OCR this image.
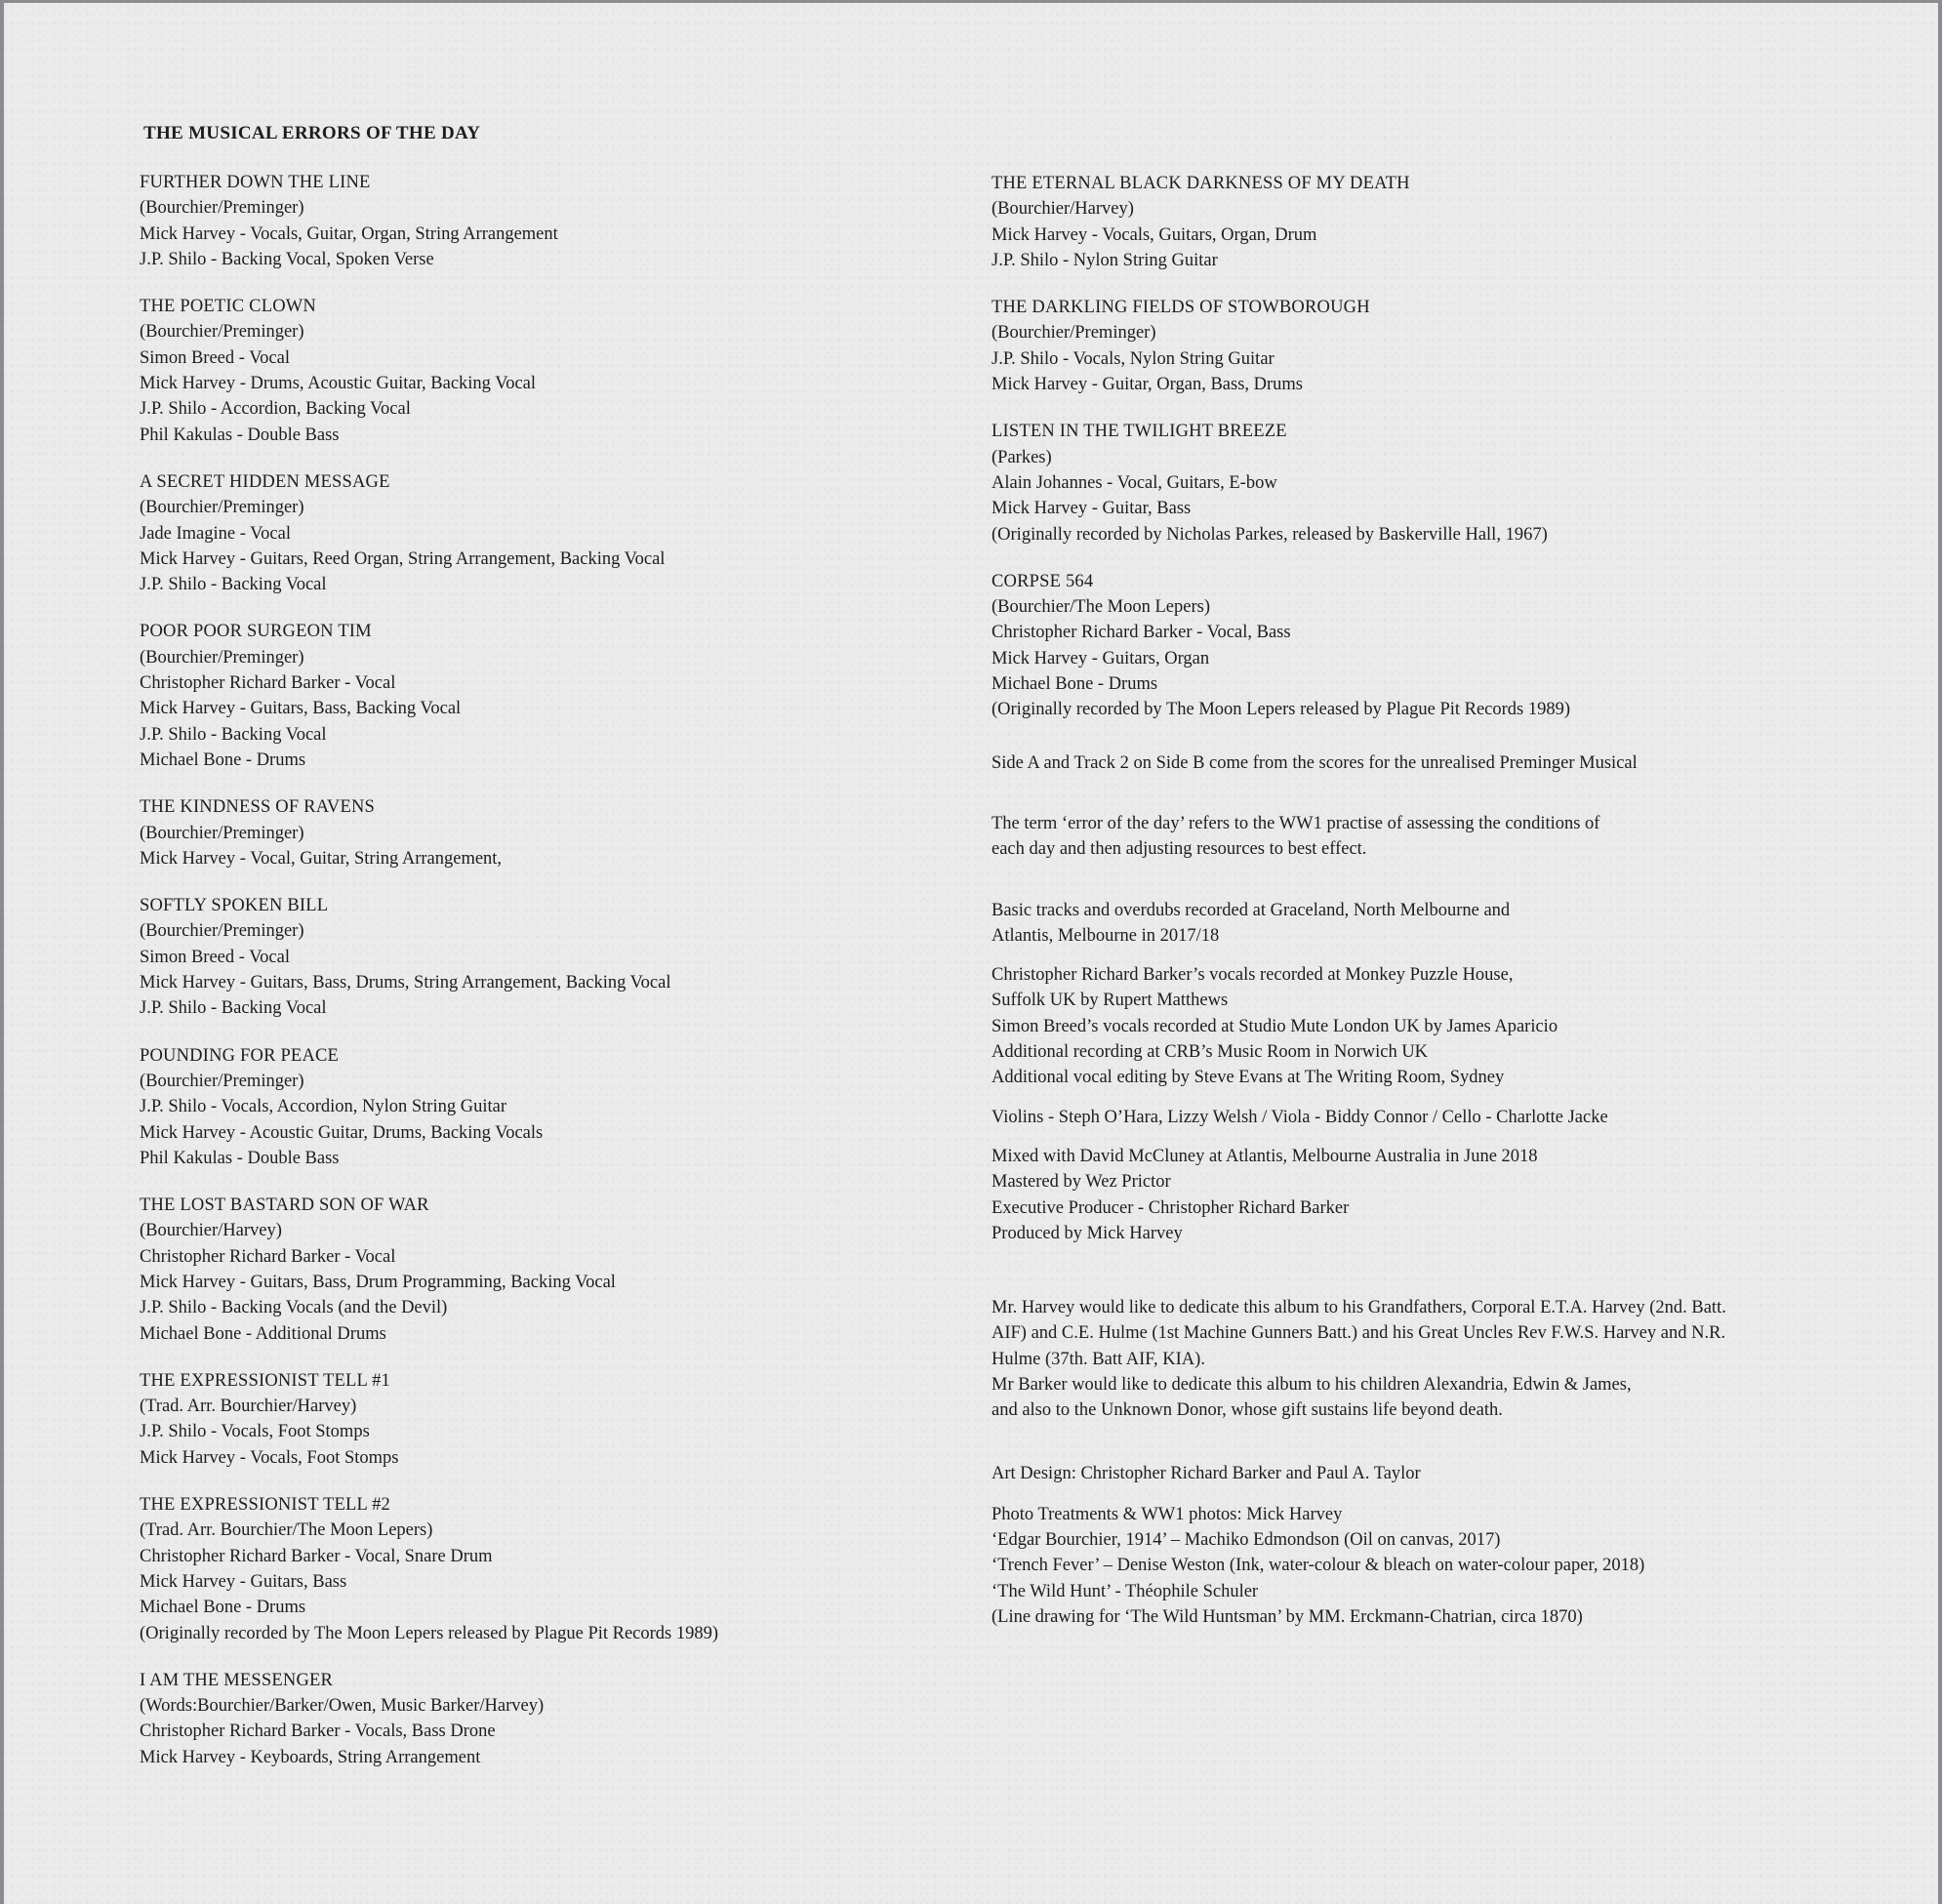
THE MUSICAL ERRORS OF THE DAY
FURTHER DOWN THE LINE
(Bourchier/Preminger)
Mick Harvey - Vocals, Guitar, Organ, String Arrangement
J.P. Shilo - Backing Vocal, Spoken Verse
THE POETIC CLOWN
(Bourchier/Preminger)
Simon Breed - Vocal
Mick Harvey - Drums, Acoustic Guitar, Backing Vocal
J.P. Shilo - Accordion, Backing Vocal
Phil Kakulas - Double Bass
A SECRET HIDDEN MESSAGE
(Bourchier/Preminger)
Jade Imagine - Vocal
Mick Harvey - Guitars, Reed Organ, String Arrangement, Backing Vocal
J.P. Shilo - Backing Vocal
POOR POOR SURGEON TIM
(Bourchier/Preminger)
Christopher Richard Barker - Vocal
Mick Harvey - Guitars, Bass, Backing Vocal
J.P. Shilo - Backing Vocal
Michael Bone - Drums
THE KINDNESS OF RAVENS
(Bourchier/Preminger)
Mick Harvey - Vocal, Guitar, String Arrangement,
SOFTLY SPOKEN BILL
(Bourchier/Preminger)
Simon Breed - Vocal
Mick Harvey - Guitars, Bass, Drums, String Arrangement, Backing Vocal
J.P. Shilo - Backing Vocal
POUNDING FOR PEACE
(Bourchier/Preminger)
J.P. Shilo - Vocals, Accordion, Nylon String Guitar
Mick Harvey - Acoustic Guitar, Drums, Backing Vocals
Phil Kakulas - Double Bass
THE LOST BASTARD SON OF WAR
(Bourchier/Harvey)
Christopher Richard Barker - Vocal
Mick Harvey - Guitars, Bass, Drum Programming, Backing Vocal
J.P. Shilo - Backing Vocals (and the Devil)
Michael Bone - Additional Drums
THE EXPRESSIONIST TELL #1
(Trad. Arr. Bourchier/Harvey)
J.P. Shilo - Vocals, Foot Stomps
Mick Harvey - Vocals, Foot Stomps
THE EXPRESSIONIST TELL #2
(Trad. Arr. Bourchier/The Moon Lepers)
Christopher Richard Barker - Vocal, Snare Drum
Mick Harvey - Guitars, Bass
Michael Bone - Drums
(Originally recorded by The Moon Lepers released by Plague Pit Records 1989)
I AM THE MESSENGER
(Words:Bourchier/Barker/Owen, Music Barker/Harvey)
Christopher Richard Barker - Vocals, Bass Drone
Mick Harvey - Keyboards, String Arrangement
THE ETERNAL BLACK DARKNESS OF MY DEATH
(Bourchier/Harvey)
Mick Harvey - Vocals, Guitars, Organ, Drum
J.P. Shilo - Nylon String Guitar
THE DARKLING FIELDS OF STOWBOROUGH
(Bourchier/Preminger)
J.P. Shilo - Vocals, Nylon String Guitar
Mick Harvey - Guitar, Organ, Bass, Drums
LISTEN IN THE TWILIGHT BREEZE
(Parkes)
Alain Johannes - Vocal, Guitars, E-bow
Mick Harvey - Guitar, Bass
(Originally recorded by Nicholas Parkes, released by Baskerville Hall, 1967)
CORPSE 564
(Bourchier/The Moon Lepers)
Christopher Richard Barker - Vocal, Bass
Mick Harvey - Guitars, Organ
Michael Bone - Drums
(Originally recorded by The Moon Lepers released by Plague Pit Records 1989)
Side A and Track 2 on Side B come from the scores for the unrealised Preminger Musical
The term ‘error of the day’ refers to the WW1 practise of assessing the conditions of
each day and then adjusting resources to best effect.
Basic tracks and overdubs recorded at Graceland, North Melbourne and
Atlantis, Melbourne in 2017/18
Christopher Richard Barker’s vocals recorded at Monkey Puzzle House,
Suffolk UK by Rupert Matthews
Simon Breed’s vocals recorded at Studio Mute London UK by James Aparicio
Additional recording at CRB’s Music Room in Norwich UK
Additional vocal editing by Steve Evans at The Writing Room, Sydney
Violins - Steph O’Hara, Lizzy Welsh / Viola - Biddy Connor / Cello - Charlotte Jacke
Mixed with David McCluney at Atlantis, Melbourne Australia in June 2018
Mastered by Wez Prictor
Executive Producer - Christopher Richard Barker
Produced by Mick Harvey
Mr. Harvey would like to dedicate this album to his Grandfathers, Corporal E.T.A. Harvey (2nd. Batt.
AIF) and C.E. Hulme (1st Machine Gunners Batt.) and his Great Uncles Rev F.W.S. Harvey and N.R.
Hulme (37th. Batt AIF, KIA).
Mr Barker would like to dedicate this album to his children Alexandria, Edwin & James,
and also to the Unknown Donor, whose gift sustains life beyond death.
Art Design: Christopher Richard Barker and Paul A. Taylor
Photo Treatments & WW1 photos: Mick Harvey
‘Edgar Bourchier, 1914’ – Machiko Edmondson (Oil on canvas, 2017)
‘Trench Fever’ – Denise Weston (Ink, water-colour & bleach on water-colour paper, 2018)
‘The Wild Hunt’ - Théophile Schuler
(Line drawing for ‘The Wild Huntsman’ by MM. Erckmann-Chatrian, circa 1870)
